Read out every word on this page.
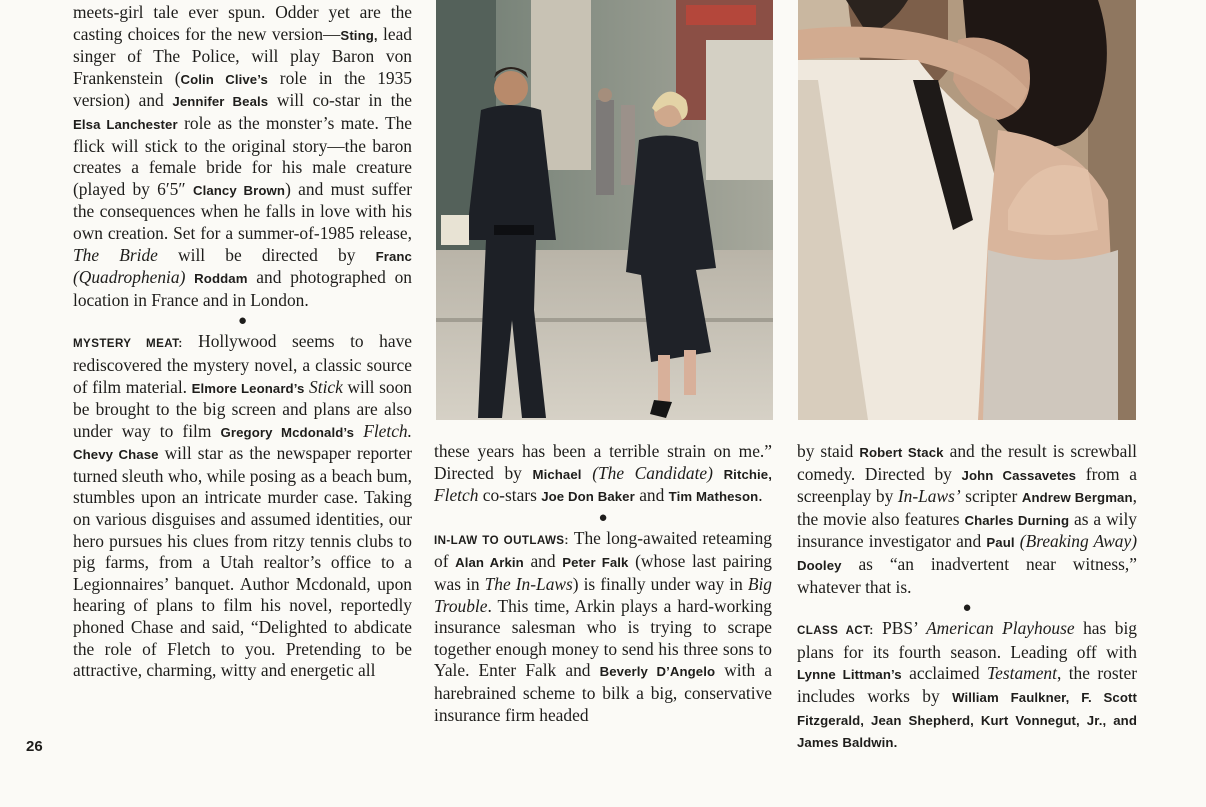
meets-girl tale ever spun. Odder yet are the casting choices for the new version—Sting, lead singer of The Police, will play Baron von Frankenstein (Colin Clive’s role in the 1935 version) and Jennifer Beals will co-star in the Elsa Lanchester role as the monster’s mate. The flick will stick to the original story—the baron creates a female bride for his male creature (played by 6′5″ Clancy Brown) and must suffer the consequences when he falls in love with his own creation. Set for a summer-of-1985 release, The Bride will be directed by Franc (Quadrophenia) Roddam and photographed on location in France and in London.

●

MYSTERY MEAT: Hollywood seems to have rediscovered the mystery novel, a classic source of film material. Elmore Leonard’s Stick will soon be brought to the big screen and plans are also under way to film Gregory Mcdonald’s Fletch. Chevy Chase will star as the newspaper reporter turned sleuth who, while posing as a beach bum, stumbles upon an intricate murder case. Taking on various disguises and assumed identities, our hero pursues his clues from ritzy tennis clubs to pig farms, from a Utah realtor’s office to a Legionnaires’ banquet. Author Mcdonald, upon hearing of plans to film his novel, reportedly phoned Chase and said, “Delighted to abdicate the role of Fletch to you. Pretending to be attractive, charming, witty and energetic all

26

these years has been a terrible strain on me.” Directed by Michael (The Candidate) Ritchie, Fletch co-stars Joe Don Baker and Tim Matheson.

●

IN-LAW TO OUTLAWS: The long-awaited reteaming of Alan Arkin and Peter Falk (whose last pairing was in The In-Laws) is finally under way in Big Trouble. This time, Arkin plays a hard-working insurance salesman who is trying to scrape together enough money to send his three sons to Yale. Enter Falk and Beverly D’Angelo with a harebrained scheme to bilk a big, conservative insurance firm headed

by staid Robert Stack and the result is screwball comedy. Directed by John Cassavetes from a screenplay by In-Laws’ scripter Andrew Bergman, the movie also features Charles Durning as a wily insurance investigator and Paul (Breaking Away) Dooley as “an inadvertent near witness,” whatever that is.

●

CLASS ACT: PBS’ American Playhouse has big plans for its fourth season. Leading off with Lynne Littman’s acclaimed Testament, the roster includes works by William Faulkner, F. Scott Fitzgerald, Jean Shepherd, Kurt Vonnegut, Jr., and James Baldwin.
